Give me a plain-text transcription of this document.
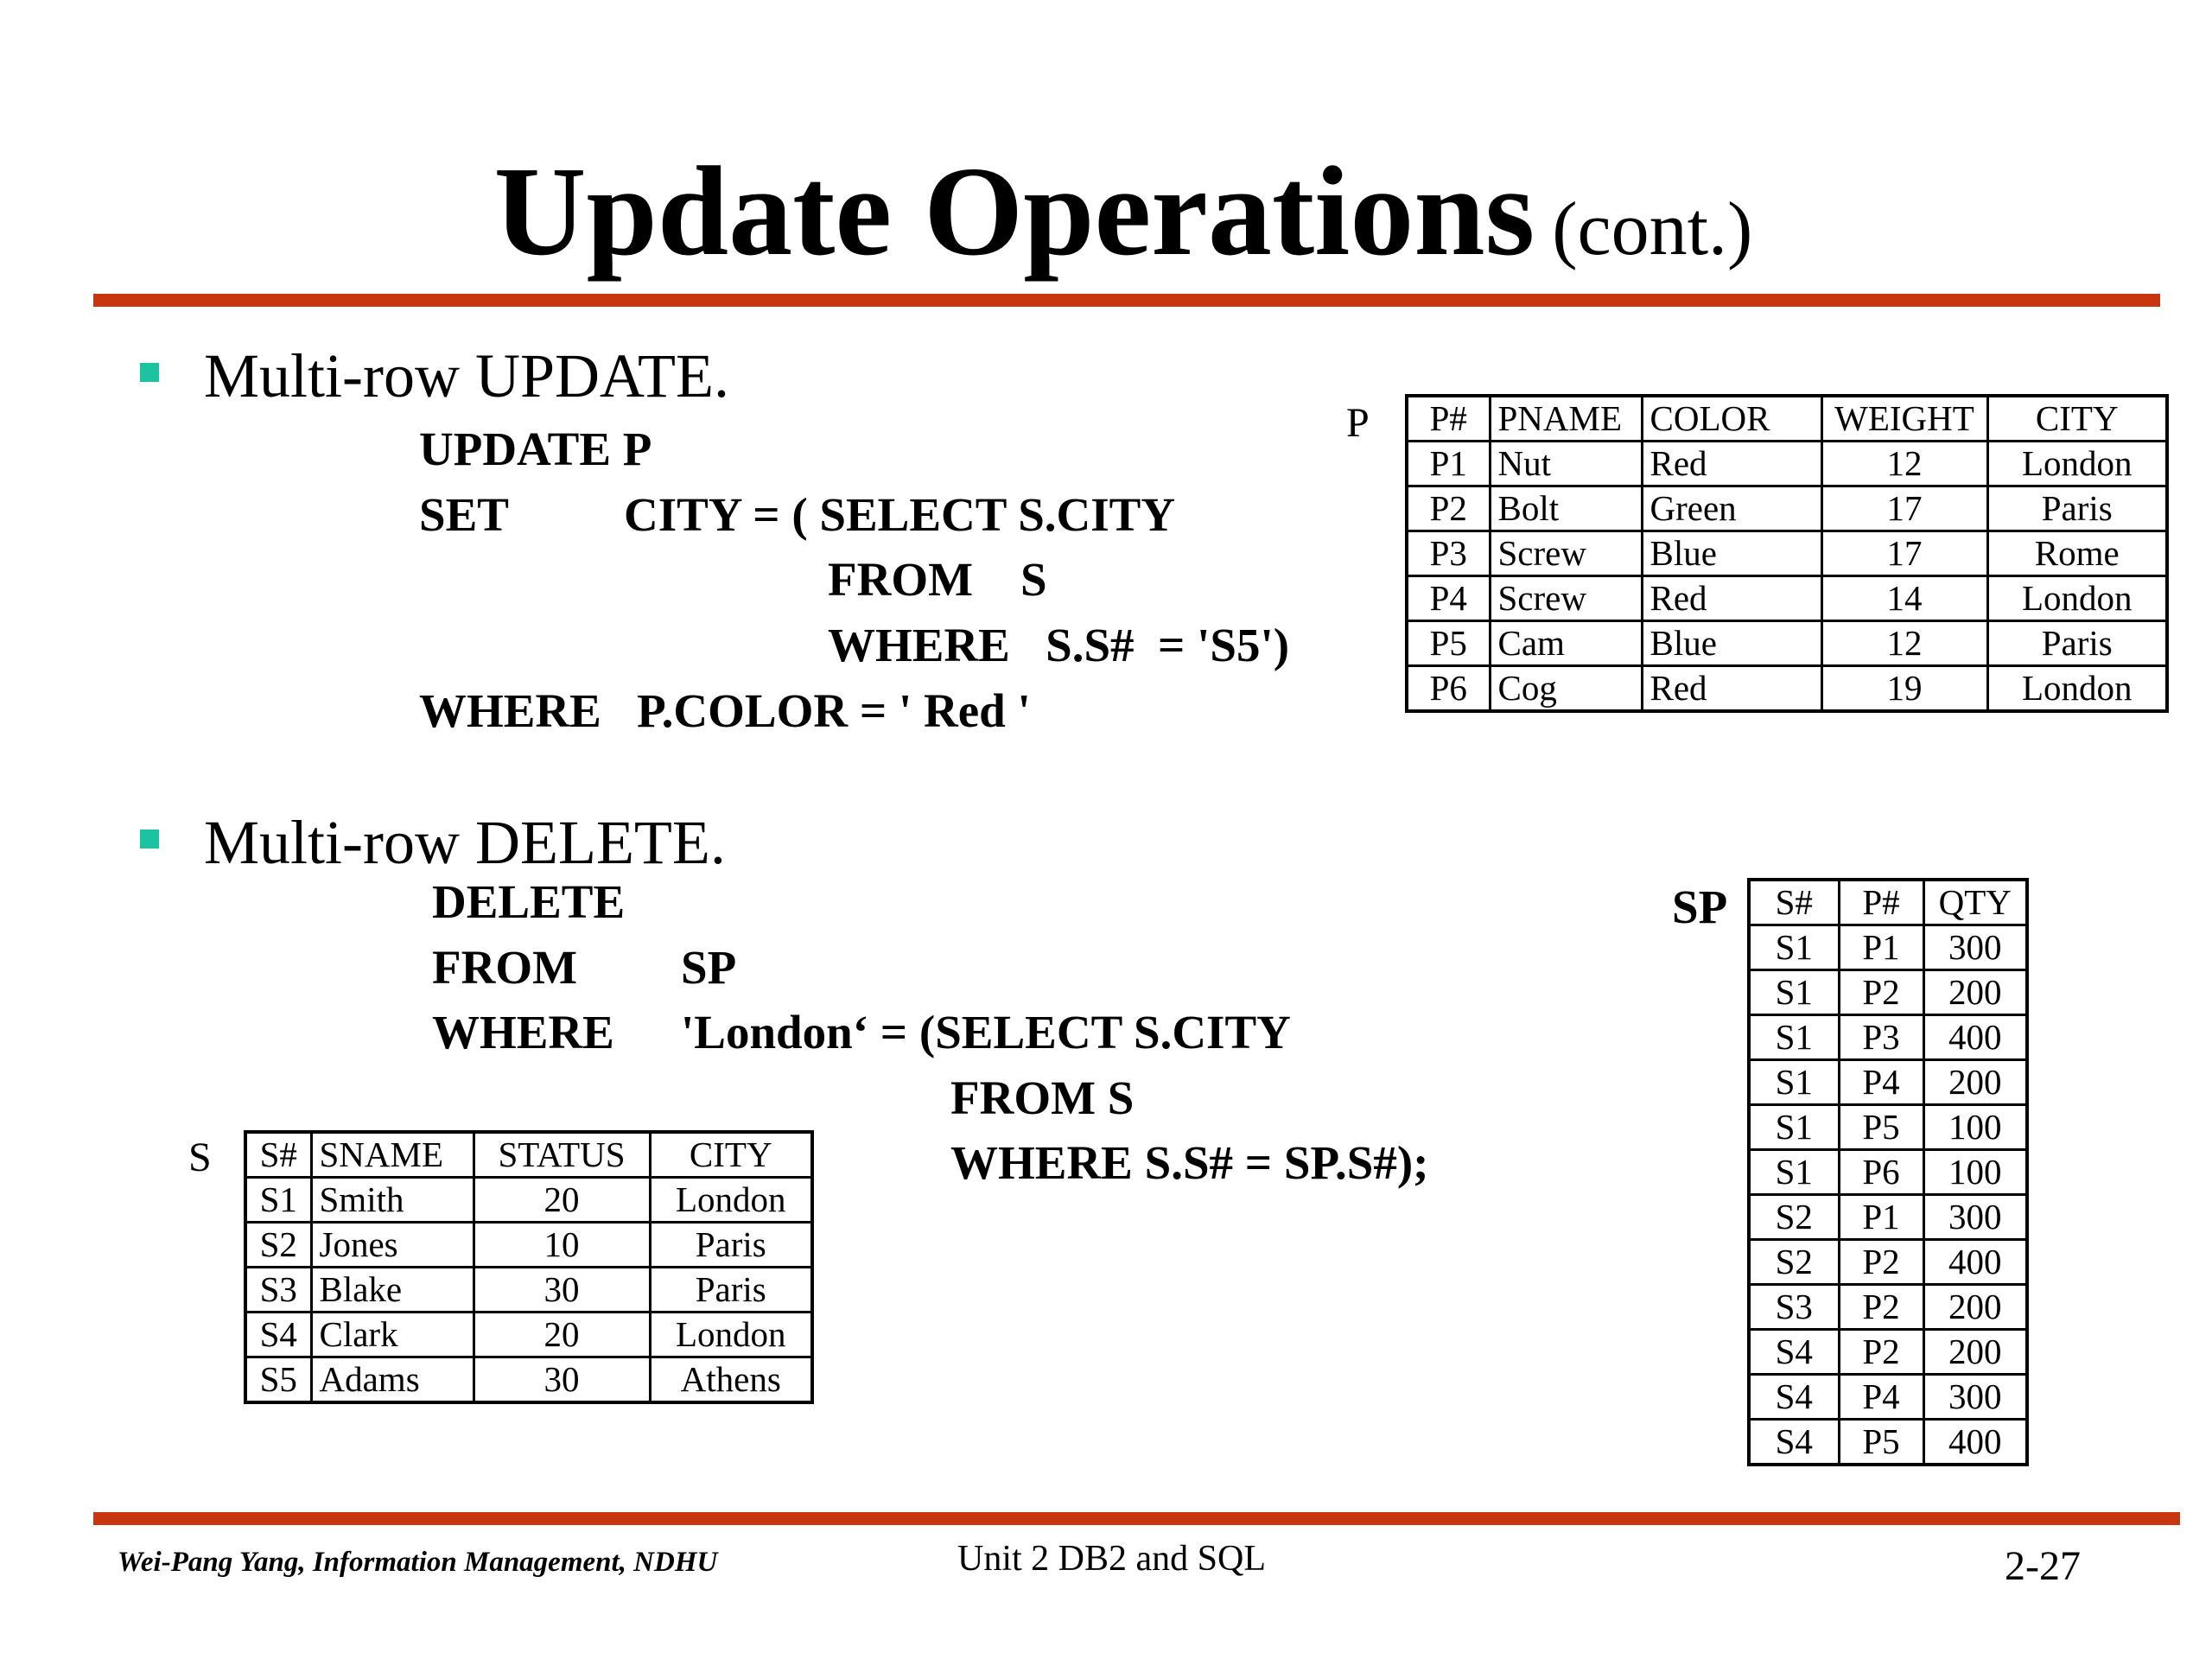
Update Operations (cont.)
Multi-row UPDATE.
UPDATE P
SET CITY = ( SELECT S.CITY
FROM    S
WHERE   S.S#  = 'S5')
WHERE   P.COLOR = ' Red '
P P#	PNAME	COLOR	WEIGHT	CITY
P1	Nut	Red	12	London
P2	Bolt	Green	17	Paris
P3	Screw	Blue	17	Rome
P4	Screw	Red	14	London
P5	Cam	Blue	12	Paris
P6	Cog	Red	19	London
Multi-row DELETE.
DELETE
FROM SP
WHERE 'London‘ = (SELECT S.CITY
FROM S
WHERE S.S# = SP.S#);
S S#	SNAME	STATUS	CITY
S1	Smith	20	London
S2	Jones	10	Paris
S3	Blake	30	Paris
S4	Clark	20	London
S5	Adams	30	Athens
SP S#	P#	QTY
S1	P1	300
S1	P2	200
S1	P3	400
S1	P4	200
S1	P5	100
S1	P6	100
S2	P1	300
S2	P2	400
S3	P2	200
S4	P2	200
S4	P4	300
S4	P5	400
Wei-Pang Yang, Information Management, NDHU	Unit 2 DB2 and SQL	2-27
